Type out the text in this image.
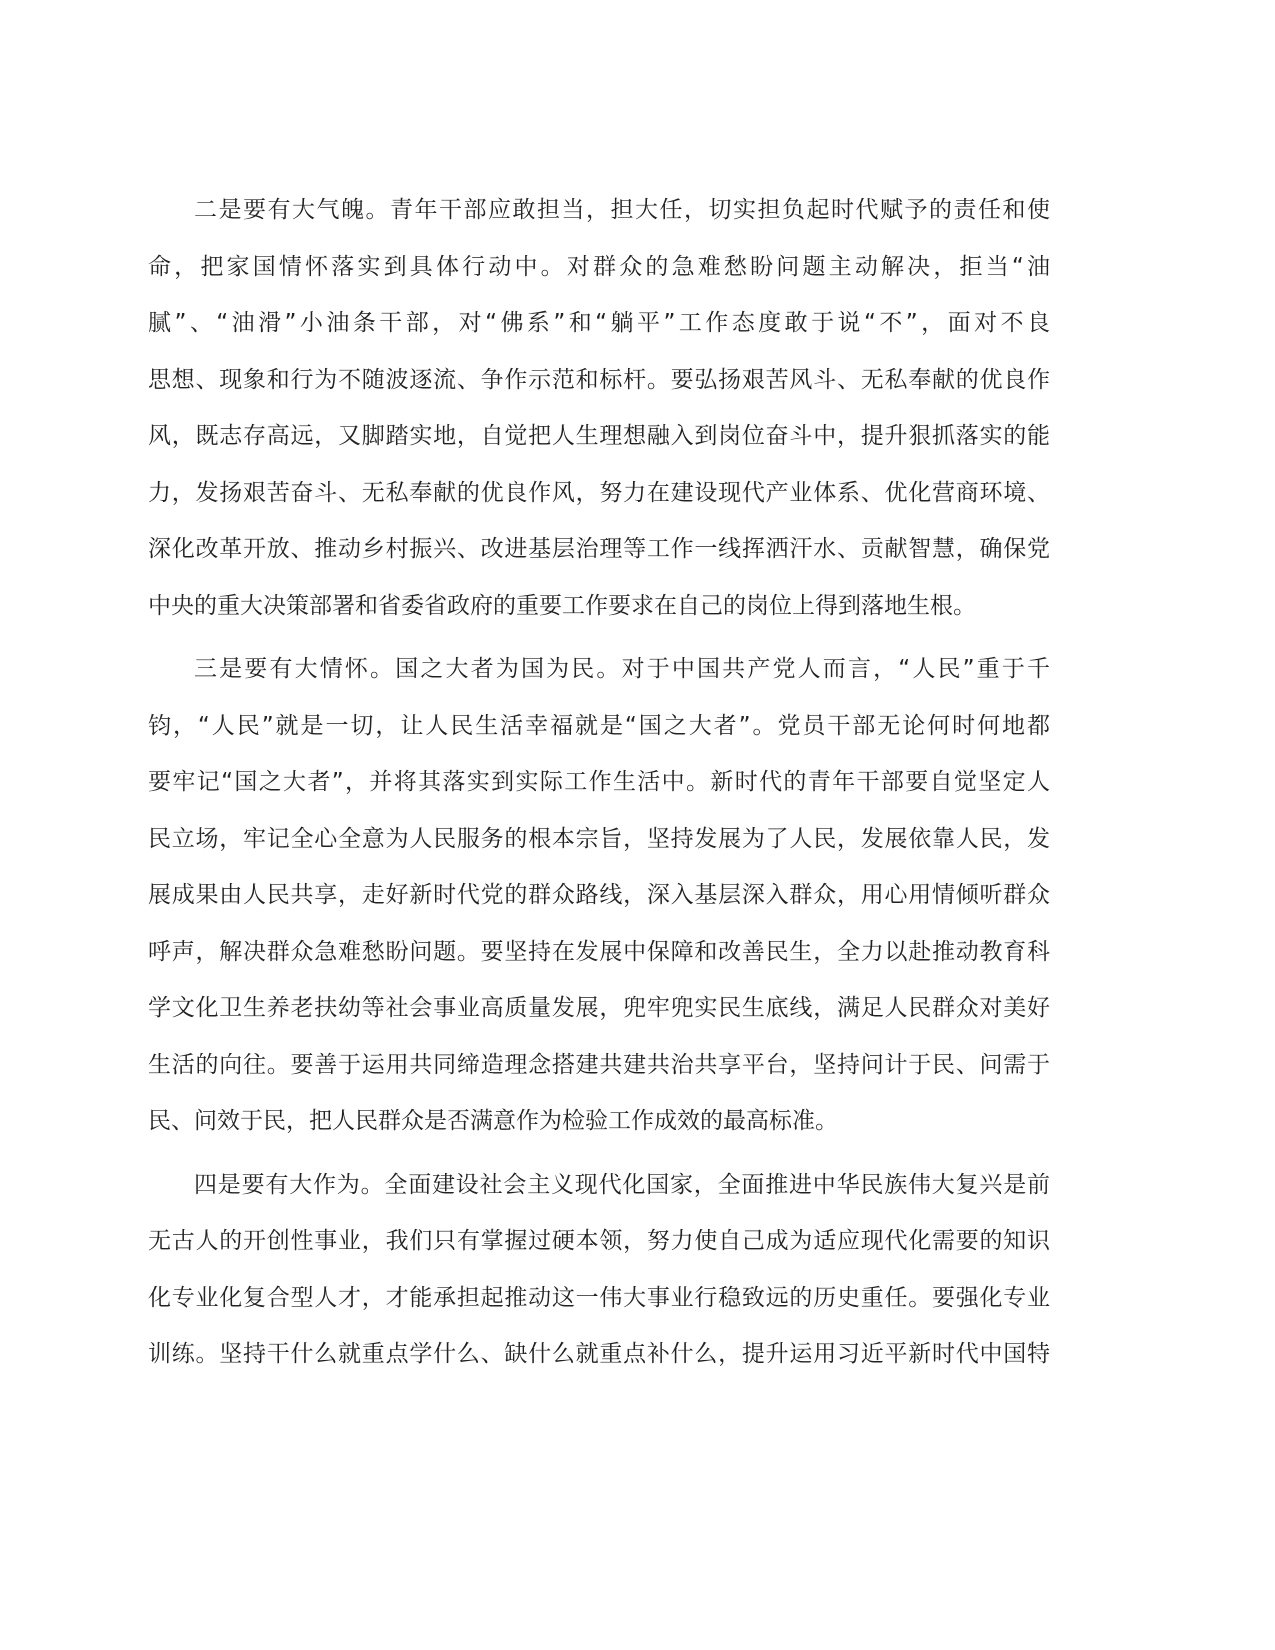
二是要有大气魄。青年干部应敢担当，担大任，切实担负起时代赋予的责任和使
命，把家国情怀落实到具体行动中。对群众的急难愁盼问题主动解决，拒当“油
腻”、“油滑”小油条干部，对“佛系”和“躺平”工作态度敢于说“不”，面对不良
思想、现象和行为不随波逐流、争作示范和标杆。要弘扬艰苦风斗、无私奉献的优良作
风，既志存高远，又脚踏实地，自觉把人生理想融入到岗位奋斗中，提升狠抓落实的能
力，发扬艰苦奋斗、无私奉献的优良作风，努力在建设现代产业体系、优化营商环境、
深化改革开放、推动乡村振兴、改进基层治理等工作一线挥洒汗水、贡献智慧，确保党
中央的重大决策部署和省委省政府的重要工作要求在自己的岗位上得到落地生根。

三是要有大情怀。国之大者为国为民。对于中国共产党人而言，“人民”重于千
钧，“人民”就是一切，让人民生活幸福就是“国之大者”。党员干部无论何时何地都
要牢记“国之大者”，并将其落实到实际工作生活中。新时代的青年干部要自觉坚定人
民立场，牢记全心全意为人民服务的根本宗旨，坚持发展为了人民，发展依靠人民，发
展成果由人民共享，走好新时代党的群众路线，深入基层深入群众，用心用情倾听群众
呼声，解决群众急难愁盼问题。要坚持在发展中保障和改善民生，全力以赴推动教育科
学文化卫生养老扶幼等社会事业高质量发展，兜牢兜实民生底线，满足人民群众对美好
生活的向往。要善于运用共同缔造理念搭建共建共治共享平台，坚持问计于民、问需于
民、问效于民，把人民群众是否满意作为检验工作成效的最高标准。

四是要有大作为。全面建设社会主义现代化国家，全面推进中华民族伟大复兴是前
无古人的开创性事业，我们只有掌握过硬本领，努力使自己成为适应现代化需要的知识
化专业化复合型人才，才能承担起推动这一伟大事业行稳致远的历史重任。要强化专业
训练。坚持干什么就重点学什么、缺什么就重点补什么，提升运用习近平新时代中国特
